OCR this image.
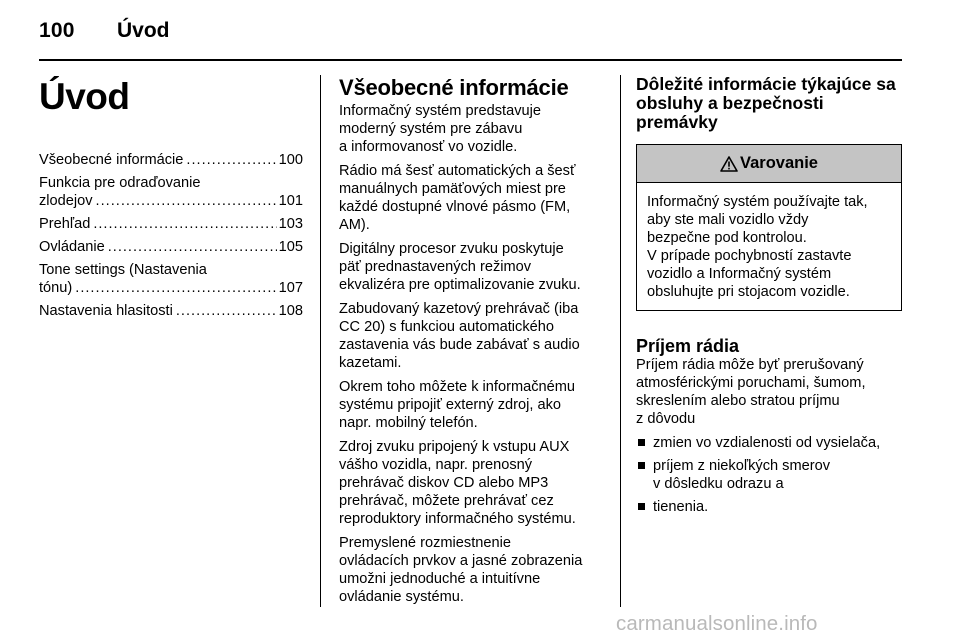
100 Úvod
Úvod
Všeobecné informácie .....	100
Funkcia pre odraďovanie
zlodejov .....	101
Prehľad .....	103
Ovládanie .....	105
Tone settings (Nastavenia
tónu) .....	107
Nastavenia hlasitosti .....	108
Všeobecné informácie
Informačný systém predstavuje
moderný systém pre zábavu
a informovanosť vo vozidle.
Rádio má šesť automatických a šesť
manuálnych pamäťových miest pre
každé dostupné vlnové pásmo (FM,
AM).
Digitálny procesor zvuku poskytuje
päť prednastavených režimov
ekvalizéra pre optimalizovanie zvuku.
Zabudovaný kazetový prehrávač (iba
CC 20) s funkciou automatického
zastavenia vás bude zabávať s audio
kazetami.
Okrem toho môžete k informačnému
systému pripojiť externý zdroj, ako
napr. mobilný telefón.
Zdroj zvuku pripojený k vstupu AUX
vášho vozidla, napr. prenosný
prehrávač diskov CD alebo MP3
prehrávač, môžete prehrávať cez
reproduktory informačného systému.
Premyslené rozmiestnenie
ovládacích prvkov a jasné zobrazenia
umožni jednoduché a intuitívne
ovládanie systému.
Dôležité informácie týkajúce sa
obsluhy a bezpečnosti
premávky
Varovanie
Informačný systém používajte tak,
aby ste mali vozidlo vždy
bezpečne pod kontrolou.
V prípade pochybností zastavte
vozidlo a Informačný systém
obsluhujte pri stojacom vozidle.
Príjem rádia
Príjem rádia môže byť prerušovaný
atmosférickými poruchami, šumom,
skreslením alebo stratou príjmu
z dôvodu
zmien vo vzdialenosti od vysielača,
príjem z niekoľkých smerov
v dôsledku odrazu a
tienenia.
carmanualsonline.info
